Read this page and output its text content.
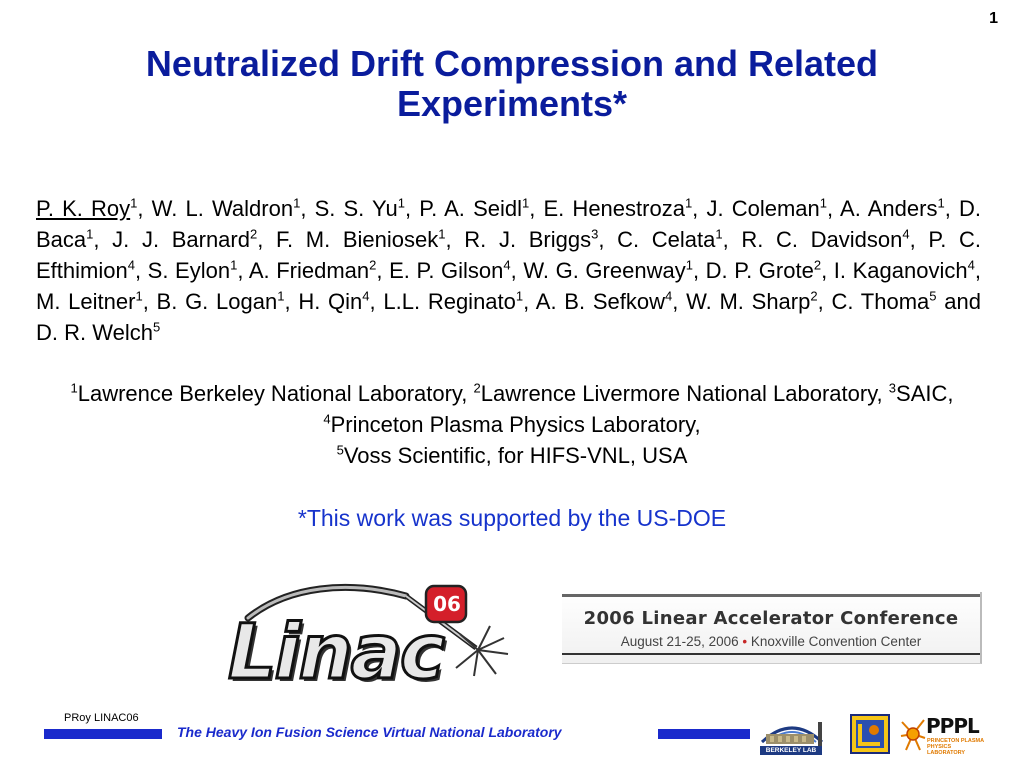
1
Neutralized Drift Compression and Related Experiments*

P. K. Roy$^1$, W. L. Waldron$^1$, S. S. Yu$^1$, P. A. Seidl$^1$, E. Henestroza$^1$, J. Coleman$^1$, A. Anders$^1$, D. Baca$^1$, J. J. Barnard$^2$, F. M. Bieniosek$^1$, R. J. Briggs$^3$, C. Celata$^1$, R. C. Davidson$^4$, P. C. Efthimion$^4$, S. Eylon$^1$, A. Friedman$^2$, E. P. Gilson$^4$, W. G. Greenway$^1$, D. P. Grote$^2$, I. Kaganovich$^4$, M. Leitner$^1$, B. G. Logan$^1$, H. Qin$^4$, L.L. Reginato$^1$, A. B. Sefkow$^4$, W. M. Sharp$^2$, C. Thoma$^5$ and D. R. Welch$^5$

$^1$Lawrence Berkeley National Laboratory, $^2$Lawrence Livermore National Laboratory, $^3$SAIC, $^4$Princeton Plasma Physics Laboratory,
$^5$Voss Scientific, for HIFS-VNL, USA

*This work was supported by the US-DOE

06
Linac	2006 Linear Accelerator Conference
August 21-25, 2006 • Knoxville Convention Center
PRoy LINAC06
The Heavy Ion Fusion Science Virtual National Laboratory
BERKELEY LAB
PPPL
PRINCETON PLASMA
PHYSICS LABORATORY
